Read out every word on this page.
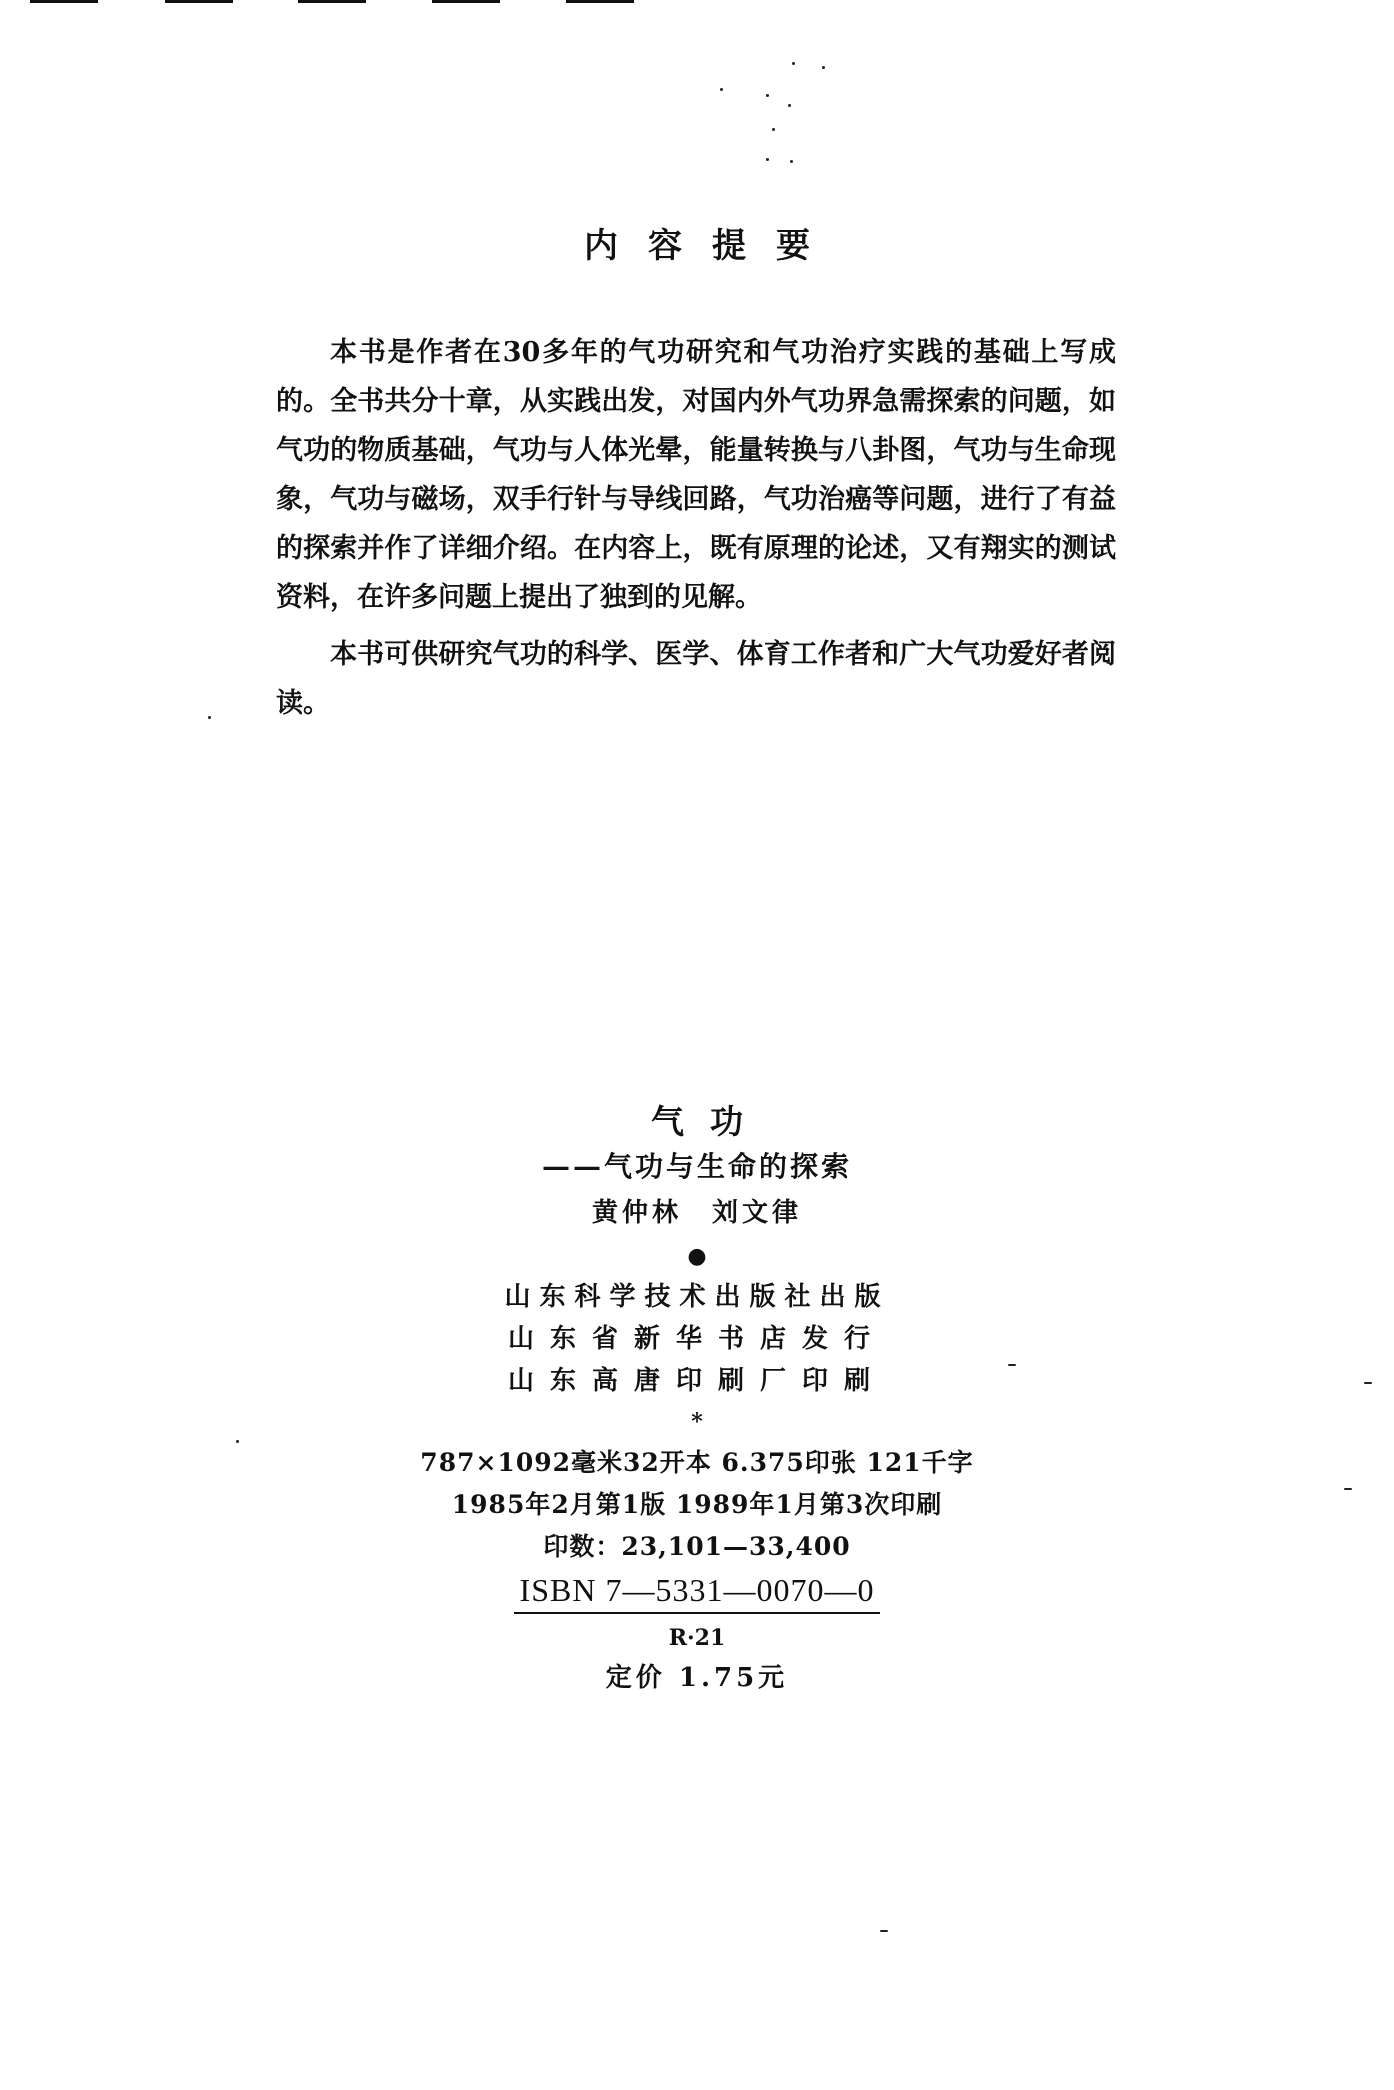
内容提要

本书是作者在30多年的气功研究和气功治疗实践的基础上写成的。全书共分十章，从实践出发，对国内外气功界急需探索的问题，如气功的物质基础，气功与人体光晕，能量转换与八卦图，气功与生命现象，气功与磁场，双手行针与导线回路，气功治癌等问题，进行了有益的探索并作了详细介绍。在内容上，既有原理的论述，又有翔实的测试资料，在许多问题上提出了独到的见解。

本书可供研究气功的科学、医学、体育工作者和广大气功爱好者阅读。

气功
——气功与生命的探索
黄仲林　刘文律
●
山东科学技术出版社出版
山东省新华书店发行
山东高唐印刷厂印刷
*
787×1092毫米32开本 6.375印张 121千字
1985年2月第1版 1989年1月第3次印刷
印数：23,101—33,400
ISBN 7—5331—0070—0
R·21
定价 1.75元
